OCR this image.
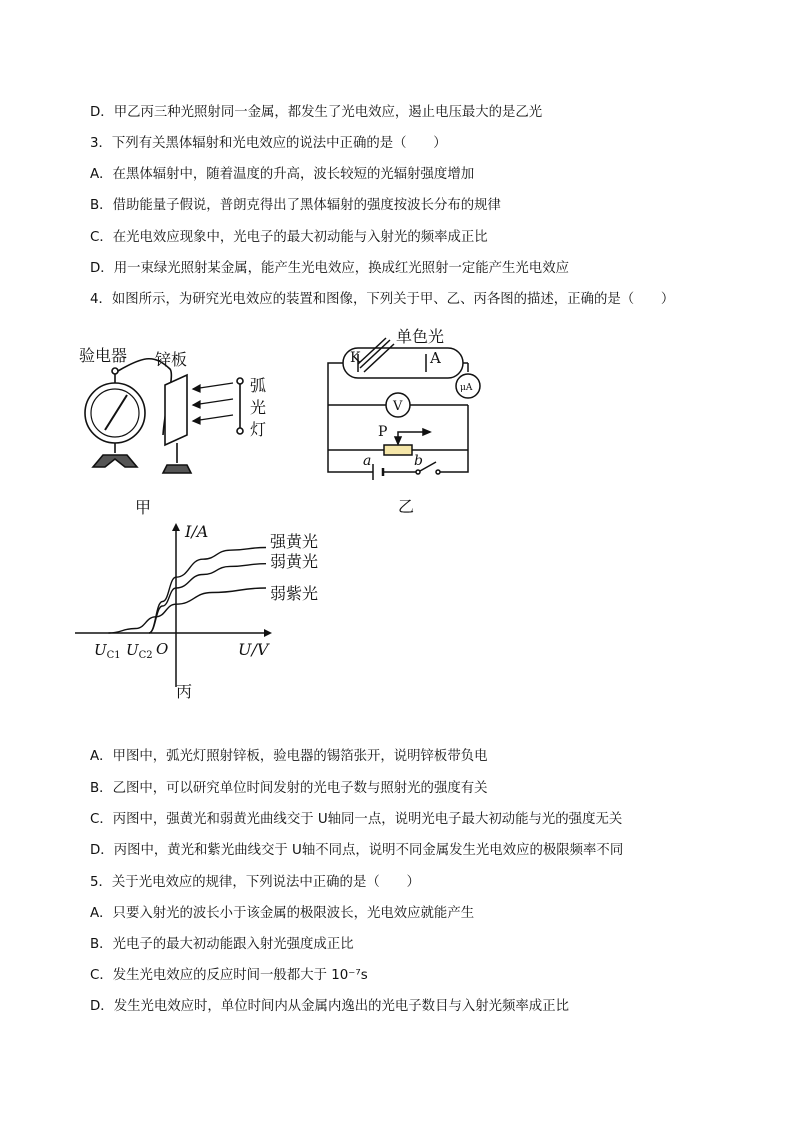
D．甲乙丙三种光照射同一金属，都发生了光电效应，遏止电压最大的是乙光
3．下列有关黑体辐射和光电效应的说法中正确的是（　　）
A．在黑体辐射中，随着温度的升高，波长较短的光辐射强度增加
B．借助能量子假说，普朗克得出了黑体辐射的强度按波长分布的规律
C．在光电效应现象中，光电子的最大初动能与入射光的频率成正比
D．用一束绿光照射某金属，能产生光电效应，换成红光照射一定能产生光电效应
4．如图所示，为研究光电效应的装置和图像，下列关于甲、乙、丙各图的描述，正确的是（　　）
A．甲图中，弧光灯照射锌板，验电器的锡箔张开，说明锌板带负电
B．乙图中，可以研究单位时间发射的光电子数与照射光的强度有关
C．丙图中，强黄光和弱黄光曲线交于 U轴同一点，说明光电子最大初动能与光的强度无关
D．丙图中，黄光和紫光曲线交于 U轴不同点，说明不同金属发生光电效应的极限频率不同
5．关于光电效应的规律，下列说法中正确的是（　　）
A．只要入射光的波长小于该金属的极限波长，光电效应就能产生
B．光电子的最大初动能跟入射光强度成正比
C．发生光电效应的反应时间一般都大于 10⁻⁷s
D．发生光电效应时，单位时间内从金属内逸出的光电子数目与入射光频率成正比
验电器 锌板
弧
光
灯
甲
单色光
K	A
μA
V
P
a	b
乙
I/A
U/V
$U_{C1}$ $U_{C2}$ O
强黄光
弱黄光
弱紫光
丙
